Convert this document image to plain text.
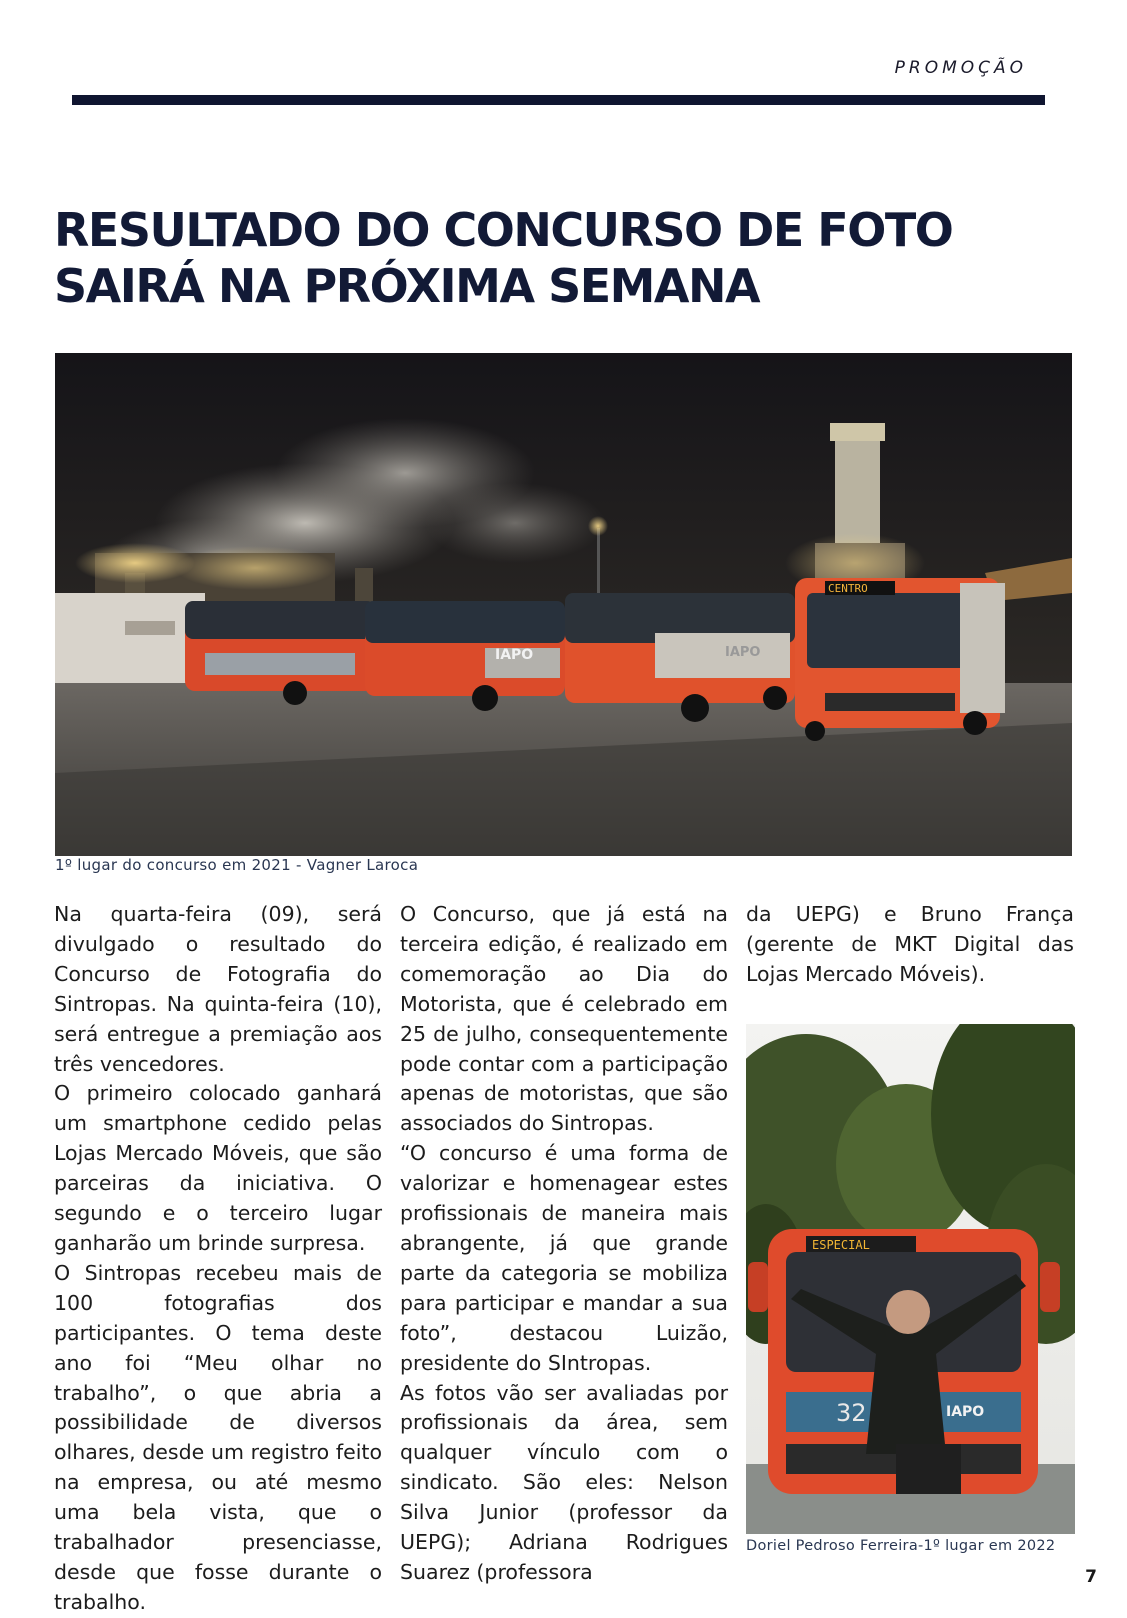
PROMOÇÃO
RESULTADO DO CONCURSO DE FOTO
SAIRÁ NA PRÓXIMA SEMANA
IAPO	IAPO
CENTRO
1º lugar do concurso em 2021 - Vagner Laroca

Na quarta-feira (09), será divulgado o resultado do Concurso de Fotografia do Sintropas. Na quinta-feira (10), será entregue a premiação aos três vencedores.

O primeiro colocado ganhará um smartphone cedido pelas Lojas Mercado Móveis, que são parceiras da iniciativa. O segundo e o terceiro lugar ganharão um brinde surpresa.

O Sintropas recebeu mais de 100 fotografias dos participantes. O tema deste ano foi “Meu olhar no trabalho”, o que abria a possibilidade de diversos olhares, desde um registro feito na empresa, ou até mesmo uma bela vista, que o trabalhador presenciasse, desde que fosse durante o trabalho.

O Concurso, que já está na terceira edição, é realizado em comemoração ao Dia do Motorista, que é celebrado em 25 de julho, consequentemente pode contar com a participação apenas de motoristas, que são associados do Sintropas.

“O concurso é uma forma de valorizar e homenagear estes profissionais de maneira mais abrangente, já que grande parte da categoria se mobiliza para participar e mandar a sua foto”, destacou Luizão, presidente do SIntropas.

As fotos vão ser avaliadas por profissionais da área, sem qualquer vínculo com o sindicato. São eles: Nelson Silva Junior (professor da UEPG); Adriana Rodrigues Suarez (professora

da UEPG) e Bruno França (gerente de MKT Digital das Lojas Mercado Móveis).

ESPECIAL
32	IAPO
Doriel Pedroso Ferreira-1º lugar em 2022
7
